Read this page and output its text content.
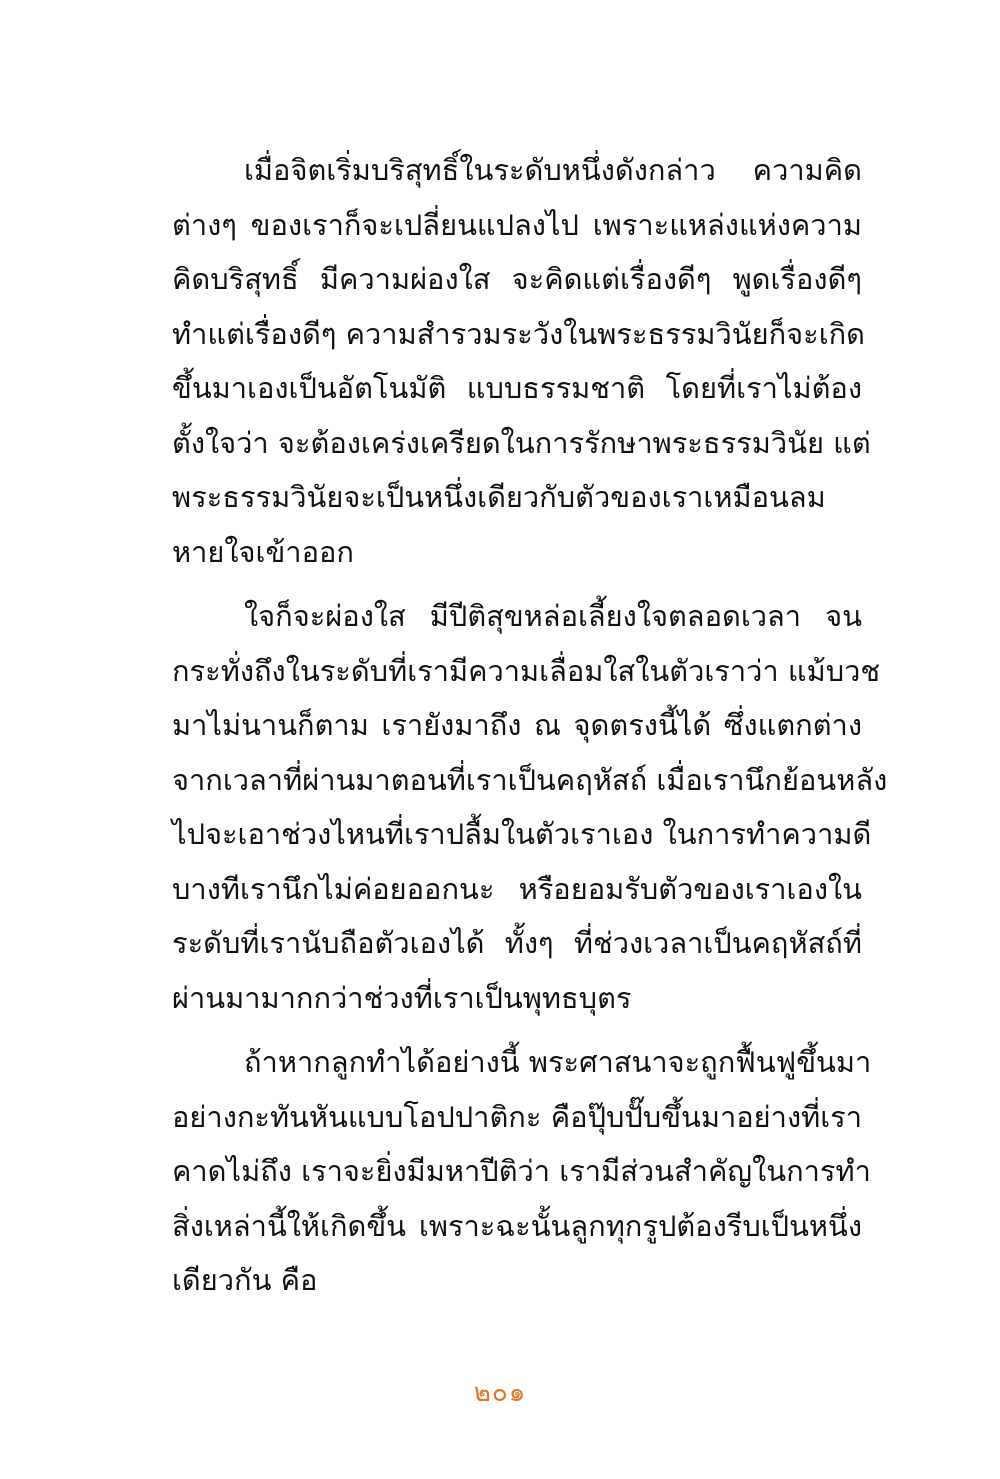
เมื่อจิตเริ่มบริสุทธิ์ในระดับหนึ่งดังกล่าว ความคิด
ต่างๆ ของเราก็จะเปลี่ยนแปลงไป เพราะแหล่งแห่งความ
คิดบริสุทธิ์ มีความผ่องใส จะคิดแต่เรื่องดีๆ พูดเรื่องดีๆ
ทำแต่เรื่องดีๆ ความสำรวมระวังในพระธรรมวินัยก็จะเกิด
ขึ้นมาเองเป็นอัตโนมัติ แบบธรรมชาติ โดยที่เราไม่ต้อง
ตั้งใจว่า จะต้องเคร่งเครียดในการรักษาพระธรรมวินัย แต่
พระธรรมวินัยจะเป็นหนึ่งเดียวกับตัวของเราเหมือนลม
หายใจเข้าออก
ใจก็จะผ่องใส มีปีติสุขหล่อเลี้ยงใจตลอดเวลา จน
กระทั่งถึงในระดับที่เรามีความเลื่อมใสในตัวเราว่า แม้บวช
มาไม่นานก็ตาม เรายังมาถึง ณ จุดตรงนี้ได้ ซึ่งแตกต่าง
จากเวลาที่ผ่านมาตอนที่เราเป็นคฤหัสถ์ เมื่อเรานึกย้อนหลัง
ไปจะเอาช่วงไหนที่เราปลื้มในตัวเราเอง ในการทำความดี
บางทีเรานึกไม่ค่อยออกนะ หรือยอมรับตัวของเราเองใน
ระดับที่เรานับถือตัวเองได้ ทั้งๆ ที่ช่วงเวลาเป็นคฤหัสถ์ที่
ผ่านมามากกว่าช่วงที่เราเป็นพุทธบุตร
ถ้าหากลูกทำได้อย่างนี้ พระศาสนาจะถูกฟื้นฟูขึ้นมา
อย่างกะทันหันแบบโอปปาติกะ คือปุ๊บปั๊บขึ้นมาอย่างที่เรา
คาดไม่ถึง เราจะยิ่งมีมหาปีติว่า เรามีส่วนสำคัญในการทำ
สิ่งเหล่านี้ให้เกิดขึ้น เพราะฉะนั้นลูกทุกรูปต้องรีบเป็นหนึ่ง
เดียวกัน คือ
๒๐๑
